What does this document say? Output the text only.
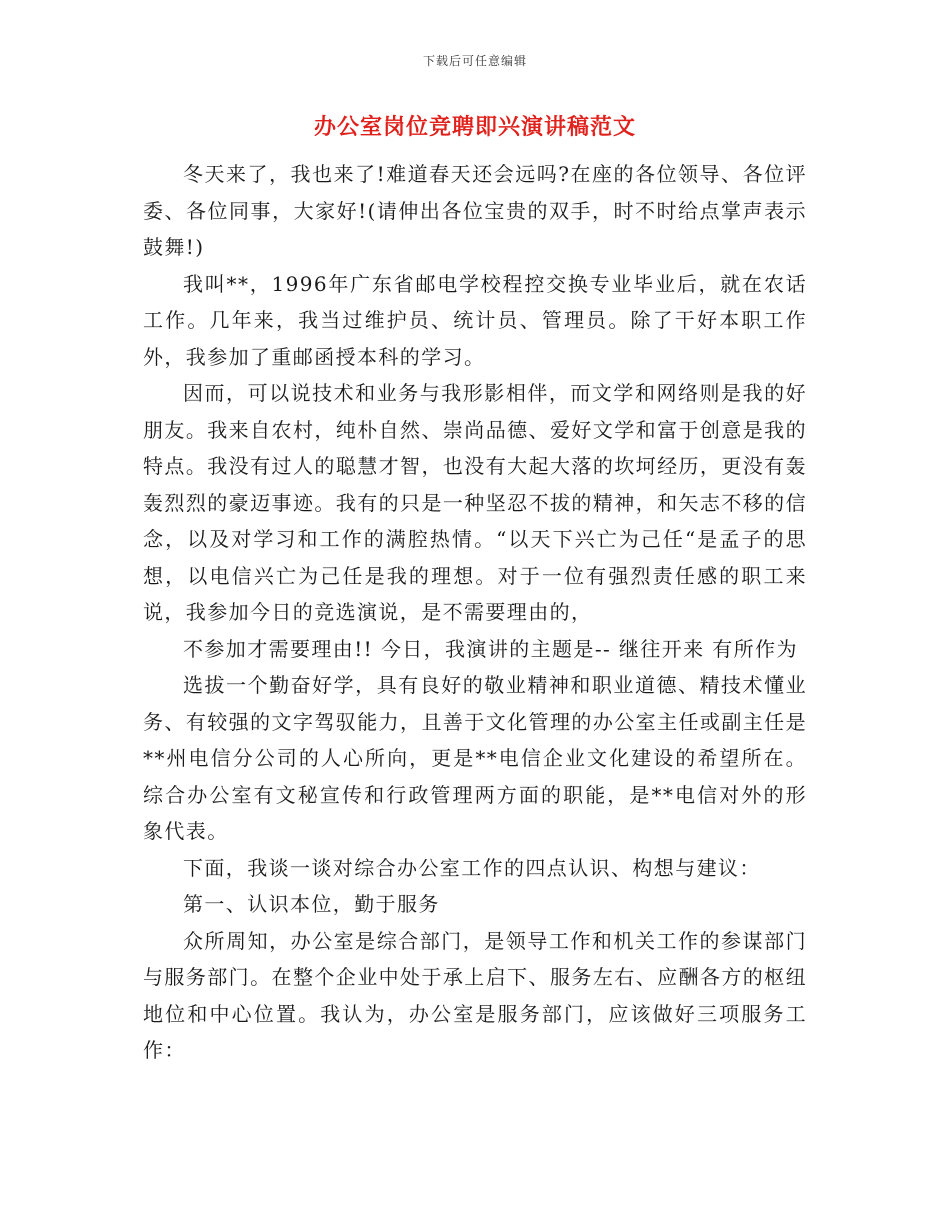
下载后可任意编辑
办公室岗位竞聘即兴演讲稿范文

冬天来了，我也来了!难道春天还会远吗?在座的各位领导、各位评委、各位同事，大家好!(请伸出各位宝贵的双手，时不时给点掌声表示鼓舞!)

我叫**，1996年广东省邮电学校程控交换专业毕业后，就在农话工作。几年来，我当过维护员、统计员、管理员。除了干好本职工作外，我参加了重邮函授本科的学习。

因而，可以说技术和业务与我形影相伴，而文学和网络则是我的好朋友。我来自农村，纯朴自然、崇尚品德、爱好文学和富于创意是我的特点。我没有过人的聪慧才智，也没有大起大落的坎坷经历，更没有轰轰烈烈的豪迈事迹。我有的只是一种坚忍不拔的精神，和矢志不移的信念，以及对学习和工作的满腔热情。“以天下兴亡为己任“是孟子的思想，以电信兴亡为己任是我的理想。对于一位有强烈责任感的职工来说，我参加今日的竞选演说，是不需要理由的，

不参加才需要理由!! 今日，我演讲的主题是-- 继往开来 有所作为

选拔一个勤奋好学，具有良好的敬业精神和职业道德、精技术懂业务、有较强的文字驾驭能力，且善于文化管理的办公室主任或副主任是**州电信分公司的人心所向，更是**电信企业文化建设的希望所在。综合办公室有文秘宣传和行政管理两方面的职能，是**电信对外的形象代表。

下面，我谈一谈对综合办公室工作的四点认识、构想与建议：

第一、认识本位，勤于服务

众所周知，办公室是综合部门，是领导工作和机关工作的参谋部门与服务部门。在整个企业中处于承上启下、服务左右、应酬各方的枢纽地位和中心位置。我认为，办公室是服务部门，应该做好三项服务工作：
